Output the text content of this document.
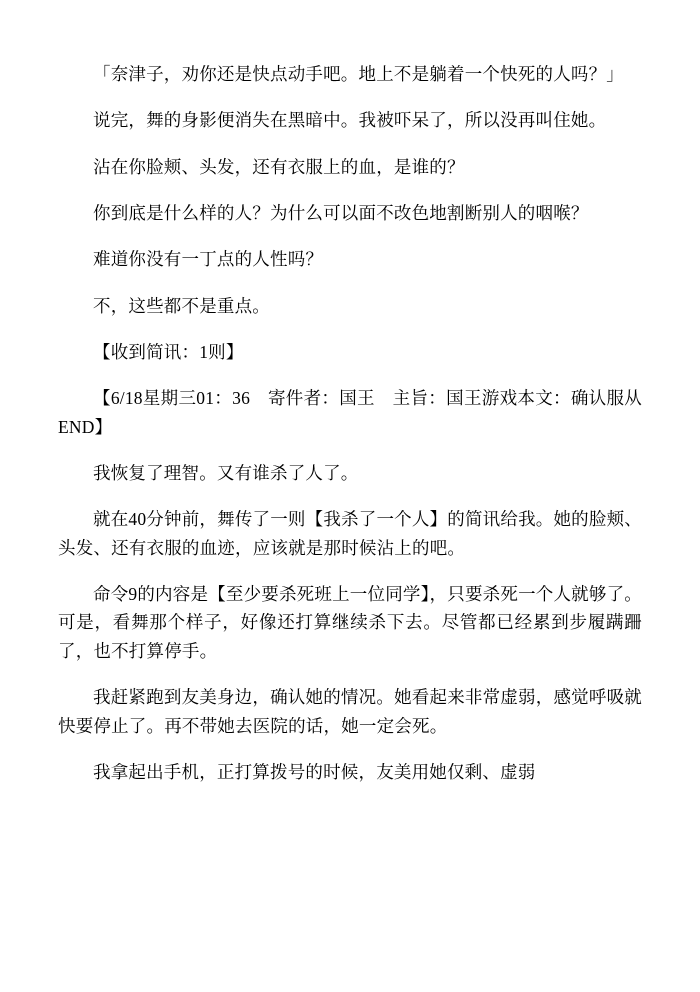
「奈津子，劝你还是快点动手吧。地上不是躺着一个快死的人吗？」

说完，舞的身影便消失在黑暗中。我被吓呆了，所以没再叫住她。

沾在你脸颊、头发，还有衣服上的血，是谁的？

你到底是什么样的人？为什么可以面不改色地割断别人的咽喉？

难道你没有一丁点的人性吗？

不，这些都不是重点。

【收到简讯：1则】

【6/18星期三01：36　寄件者：国王　主旨：国王游戏本文：确认服从　END】

我恢复了理智。又有谁杀了人了。

就在40分钟前，舞传了一则【我杀了一个人】的简讯给我。她的脸颊、头发、还有衣服的血迹，应该就是那时候沾上的吧。

命令9的内容是【至少要杀死班上一位同学】，只要杀死一个人就够了。可是，看舞那个样子，好像还打算继续杀下去。尽管都已经累到步履蹒跚了，也不打算停手。

我赶紧跑到友美身边，确认她的情况。她看起来非常虚弱，感觉呼吸就快要停止了。再不带她去医院的话，她一定会死。

我拿起出手机，正打算拨号的时候，友美用她仅剩、虚弱
